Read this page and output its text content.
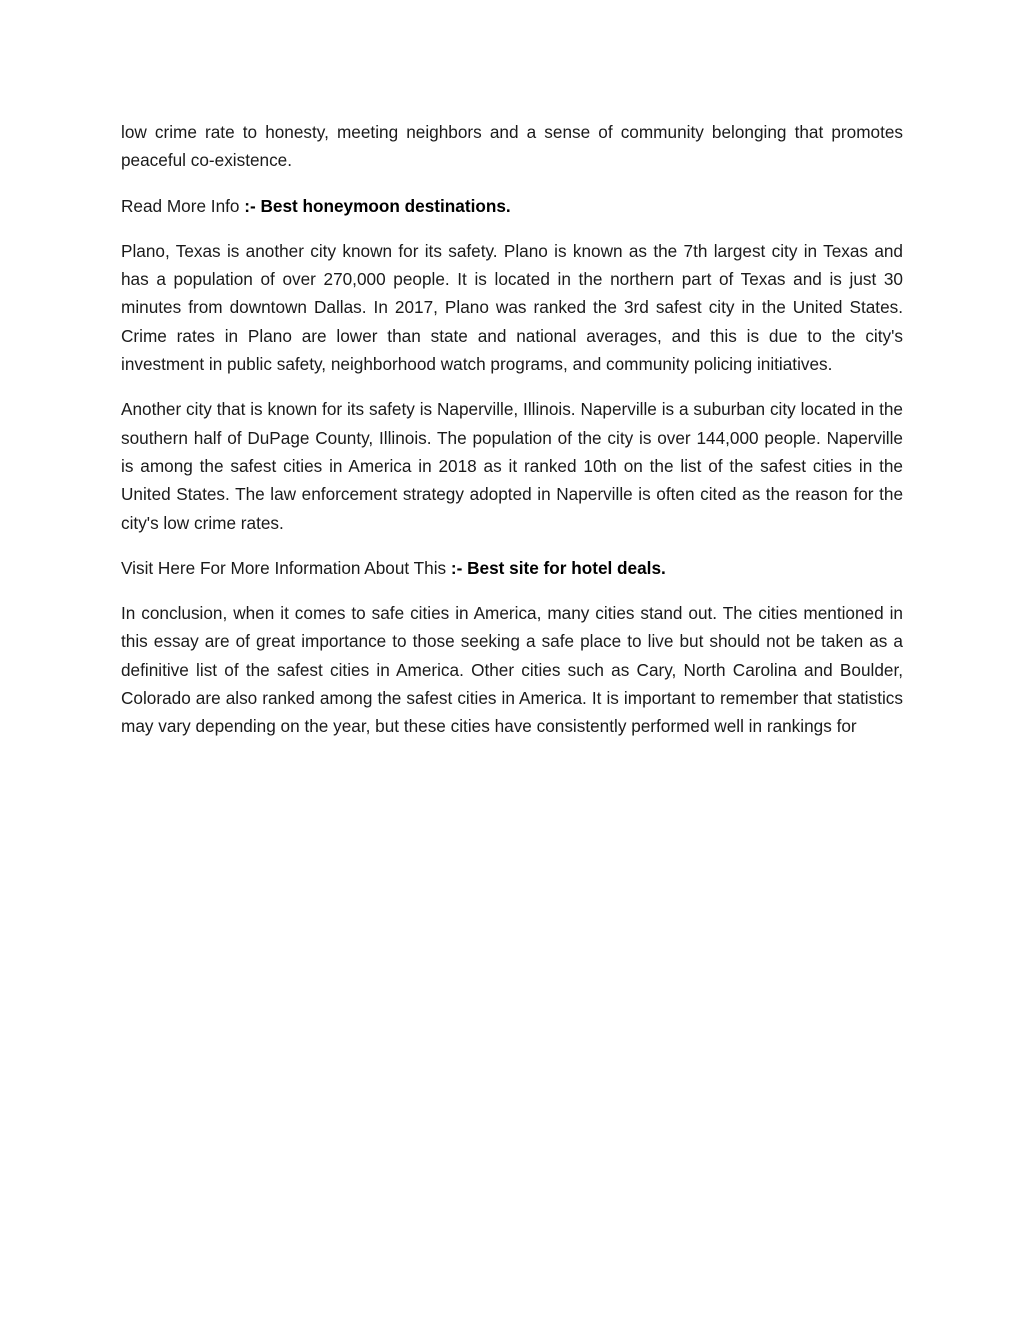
low crime rate to honesty, meeting neighbors and a sense of community belonging that promotes peaceful co-existence.

Read More Info :- Best honeymoon destinations.

Plano, Texas is another city known for its safety. Plano is known as the 7th largest city in Texas and has a population of over 270,000 people. It is located in the northern part of Texas and is just 30 minutes from downtown Dallas. In 2017, Plano was ranked the 3rd safest city in the United States. Crime rates in Plano are lower than state and national averages, and this is due to the city's investment in public safety, neighborhood watch programs, and community policing initiatives.

Another city that is known for its safety is Naperville, Illinois. Naperville is a suburban city located in the southern half of DuPage County, Illinois. The population of the city is over 144,000 people. Naperville is among the safest cities in America in 2018 as it ranked 10th on the list of the safest cities in the United States. The law enforcement strategy adopted in Naperville is often cited as the reason for the city's low crime rates.

Visit Here For More Information About This :- Best site for hotel deals.

In conclusion, when it comes to safe cities in America, many cities stand out. The cities mentioned in this essay are of great importance to those seeking a safe place to live but should not be taken as a definitive list of the safest cities in America. Other cities such as Cary, North Carolina and Boulder, Colorado are also ranked among the safest cities in America. It is important to remember that statistics may vary depending on the year, but these cities have consistently performed well in rankings for
